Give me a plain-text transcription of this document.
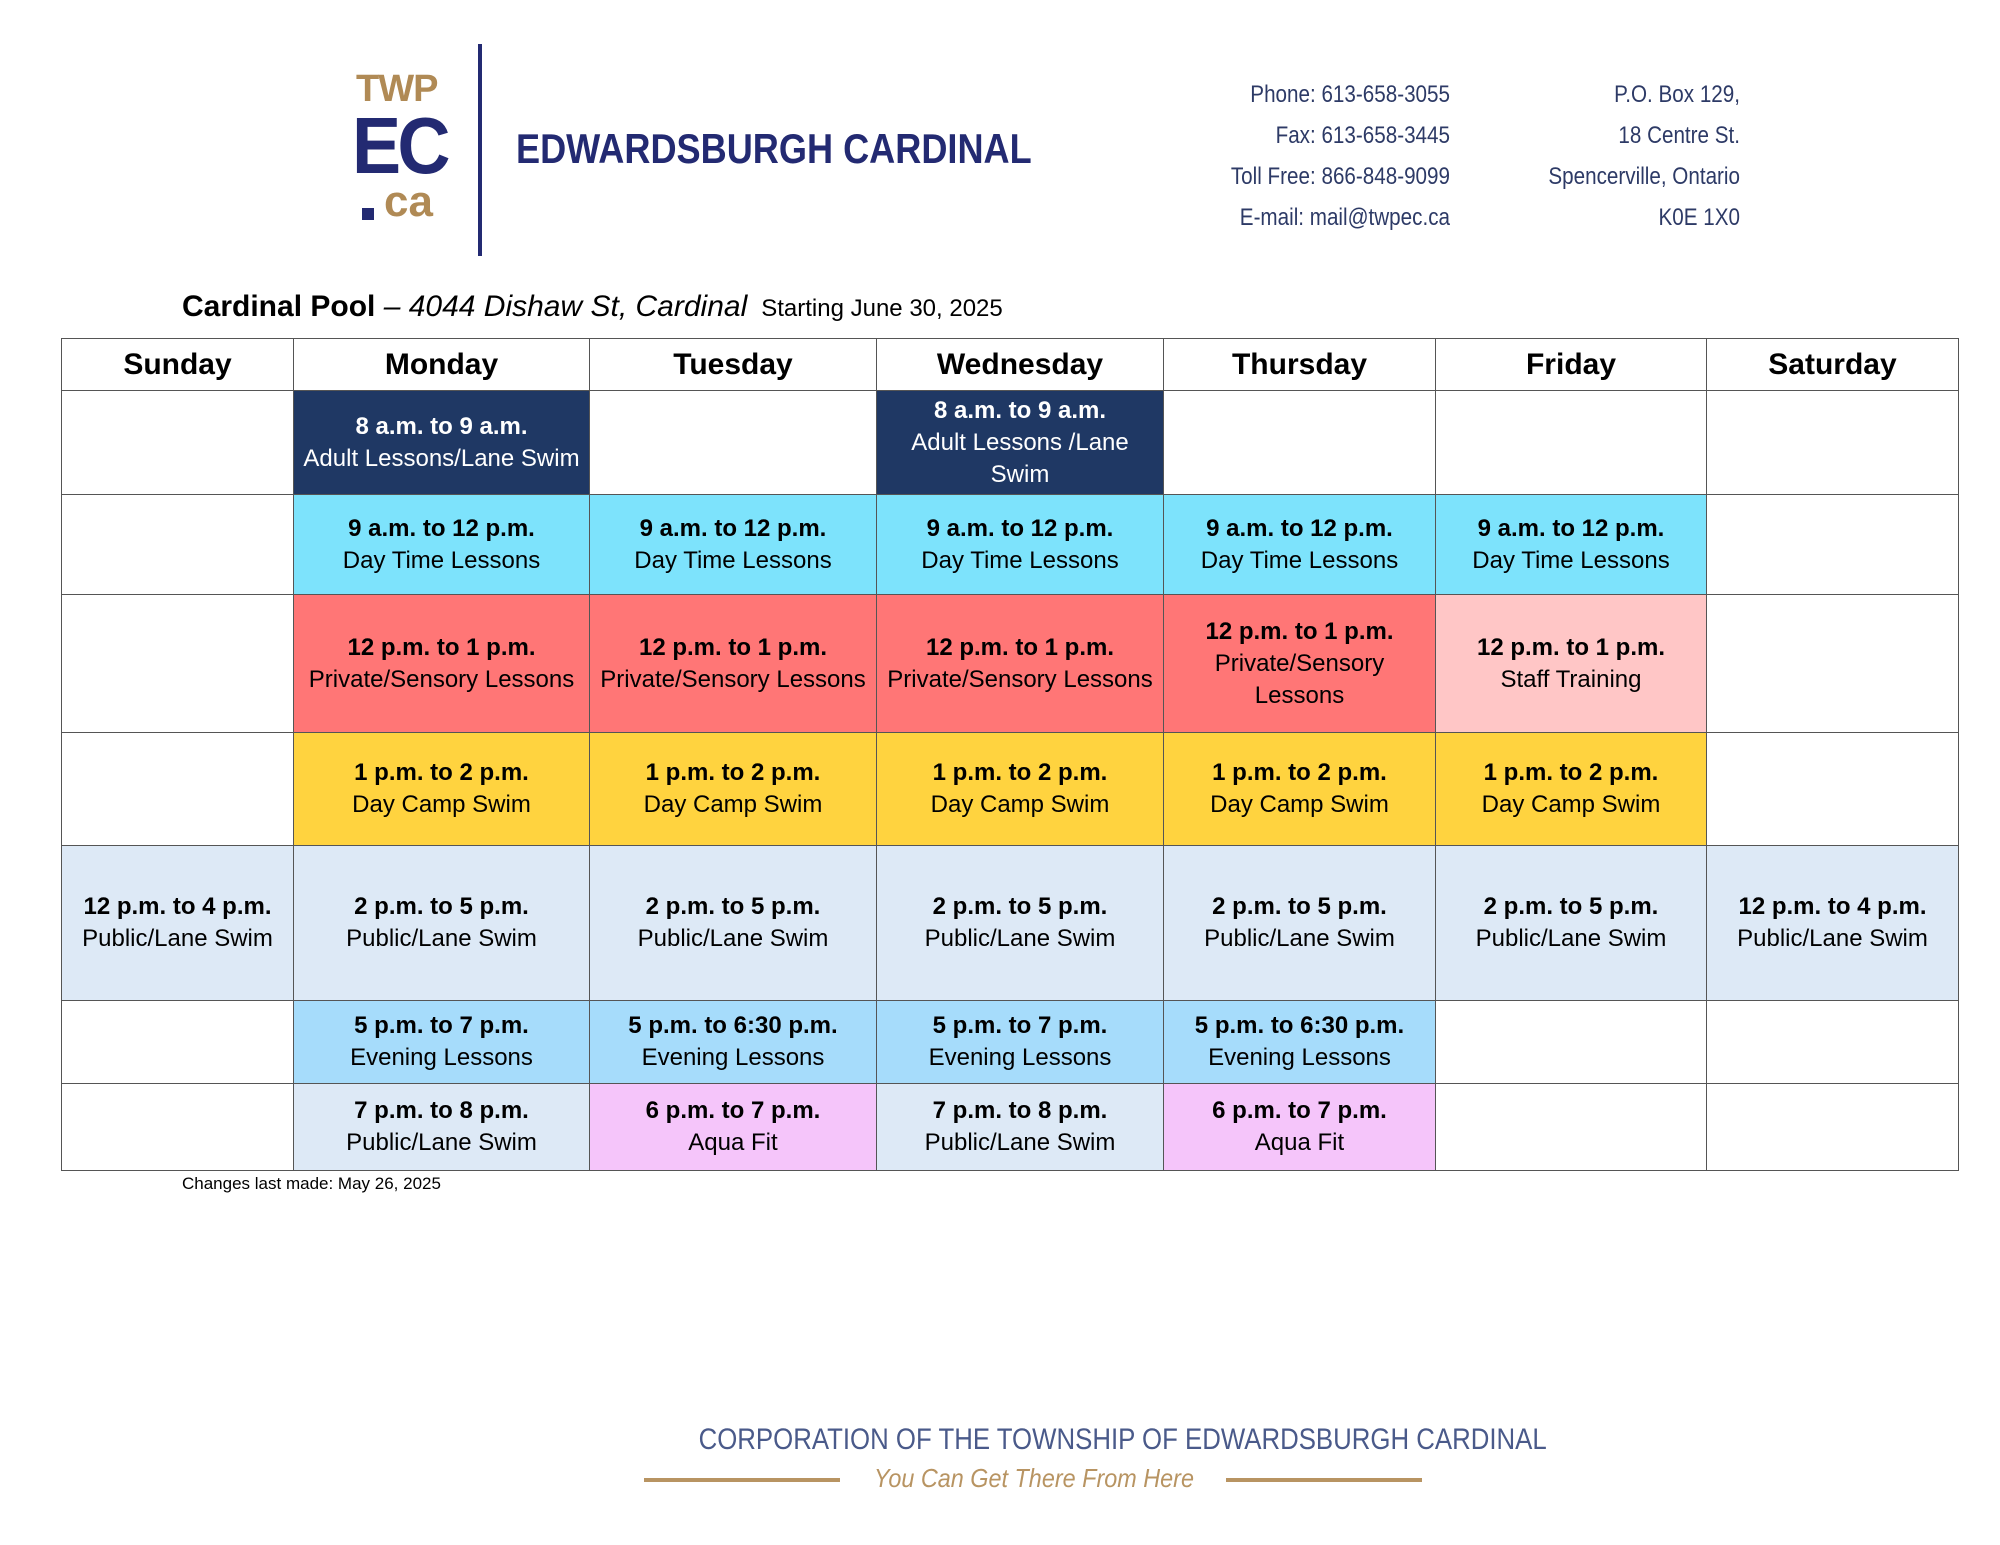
TWP
EC
ca
EDWARDSBURGH CARDINAL
Phone: 613-658-3055
Fax: 613-658-3445
Toll Free: 866-848-9099
E-mail: mail@twpec.ca
P.O. Box 129,
18 Centre St.
Spencerville, Ontario
K0E 1X0
Cardinal Pool – 4044 Dishaw St, Cardinal Starting June 30, 2025
Sunday	Monday	Tuesday	Wednesday	Thursday	Friday	Saturday

	8 a.m. to 9 a.m.
Adult Lessons/Lane Swim		8 a.m. to 9 a.m.
Adult Lessons /Lane Swim			

	9 a.m. to 12 p.m.
Day Time Lessons	9 a.m. to 12 p.m.
Day Time Lessons	9 a.m. to 12 p.m.
Day Time Lessons	9 a.m. to 12 p.m.
Day Time Lessons	9 a.m. to 12 p.m.
Day Time Lessons	

	12 p.m. to 1 p.m.
Private/Sensory Lessons	12 p.m. to 1 p.m.
Private/Sensory Lessons	12 p.m. to 1 p.m.
Private/Sensory Lessons	12 p.m. to 1 p.m.
Private/Sensory Lessons	12 p.m. to 1 p.m.
Staff Training	

	1 p.m. to 2 p.m.
Day Camp Swim	1 p.m. to 2 p.m.
Day Camp Swim	1 p.m. to 2 p.m.
Day Camp Swim	1 p.m. to 2 p.m.
Day Camp Swim	1 p.m. to 2 p.m.
Day Camp Swim	

12 p.m. to 4 p.m.
Public/Lane Swim	2 p.m. to 5 p.m.
Public/Lane Swim	2 p.m. to 5 p.m.
Public/Lane Swim	2 p.m. to 5 p.m.
Public/Lane Swim	2 p.m. to 5 p.m.
Public/Lane Swim	2 p.m. to 5 p.m.
Public/Lane Swim	12 p.m. to 4 p.m.
Public/Lane Swim

	5 p.m. to 7 p.m.
Evening Lessons	5 p.m. to 6:30 p.m.
Evening Lessons	5 p.m. to 7 p.m.
Evening Lessons	5 p.m. to 6:30 p.m.
Evening Lessons		

	7 p.m. to 8 p.m.
Public/Lane Swim	6 p.m. to 7 p.m.
Aqua Fit	7 p.m. to 8 p.m.
Public/Lane Swim	6 p.m. to 7 p.m.
Aqua Fit		

Changes last made: May 26, 2025
CORPORATION OF THE TOWNSHIP OF EDWARDSBURGH CARDINAL
You Can Get There From Here
